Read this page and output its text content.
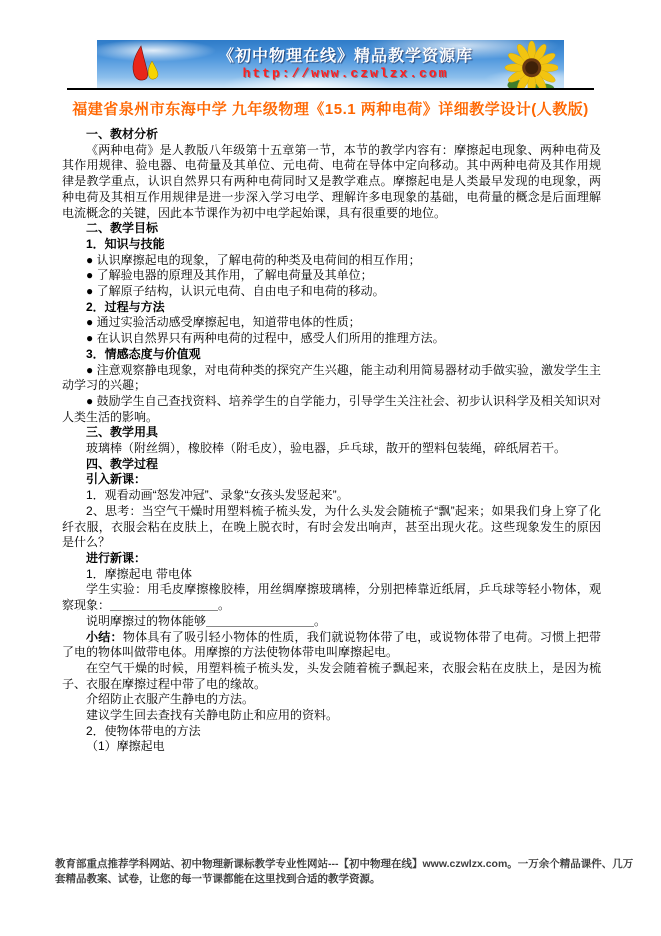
《初中物理在线》精品教学资源库
http://www.czwlzx.com
福建省泉州市东海中学 九年级物理《15.1 两种电荷》详细教学设计(人教版)

一、教材分析

《两种电荷》是人教版八年级第十五章第一节，本节的教学内容有：摩擦起电现象、两种电荷及其作用规律、验电器、电荷量及其单位、元电荷、电荷在导体中定向移动。其中两种电荷及其作用规律是教学重点，认识自然界只有两种电荷同时又是教学难点。摩擦起电是人类最早发现的电现象，两种电荷及其相互作用规律是进一步深入学习电学、理解许多电现象的基础，电荷量的概念是后面理解电流概念的关键，因此本节课作为初中电学起始课，具有很重要的地位。

二、教学目标

1．知识与技能

● 认识摩擦起电的现象，了解电荷的种类及电荷间的相互作用；

● 了解验电器的原理及其作用，了解电荷量及其单位；

● 了解原子结构，认识元电荷、自由电子和电荷的移动。

2．过程与方法

● 通过实验活动感受摩擦起电，知道带电体的性质；

● 在认识自然界只有两种电荷的过程中，感受人们所用的推理方法。

3．情感态度与价值观

● 注意观察静电现象，对电荷种类的探究产生兴趣，能主动利用简易器材动手做实验，激发学生主动学习的兴趣；

● 鼓励学生自己查找资料、培养学生的自学能力，引导学生关注社会、初步认识科学及相关知识对人类生活的影响。

三、教学用具

玻璃棒（附丝绸），橡胶棒（附毛皮），验电器，乒乓球，散开的塑料包装绳，碎纸屑若干。

四、教学过程

引入新课：

1．观看动画“怒发冲冠”、录象“女孩头发竖起来”。

2、思考：当空气干燥时用塑料梳子梳头发，为什么头发会随梳子“飘”起来；如果我们身上穿了化纤衣服，衣服会粘在皮肤上，在晚上脱衣时，有时会发出响声，甚至出现火花。这些现象发生的原因是什么？

进行新课：

1．摩擦起电 带电体

学生实验：用毛皮摩擦橡胶棒，用丝绸摩擦玻璃棒，分别把棒靠近纸屑，乒乓球等轻小物体，观察现象：＿＿＿＿＿＿＿＿＿。

说明摩擦过的物体能够＿＿＿＿＿＿＿＿＿。

小结：物体具有了吸引轻小物体的性质，我们就说物体带了电，或说物体带了电荷。习惯上把带了电的物体叫做带电体。用摩擦的方法使物体带电叫摩擦起电。

在空气干燥的时候，用塑料梳子梳头发，头发会随着梳子飘起来，衣服会粘在皮肤上，是因为梳子、衣服在摩擦过程中带了电的缘故。

介绍防止衣服产生静电的方法。

建议学生回去查找有关静电防止和应用的资料。

2．使物体带电的方法

（1）摩擦起电

教育部重点推荐学科网站、初中物理新课标教学专业性网站---【初中物理在线】www.czwlzx.com。一万余个精品课件、几万套精品教案、试卷，让您的每一节课都能在这里找到合适的教学资源。
